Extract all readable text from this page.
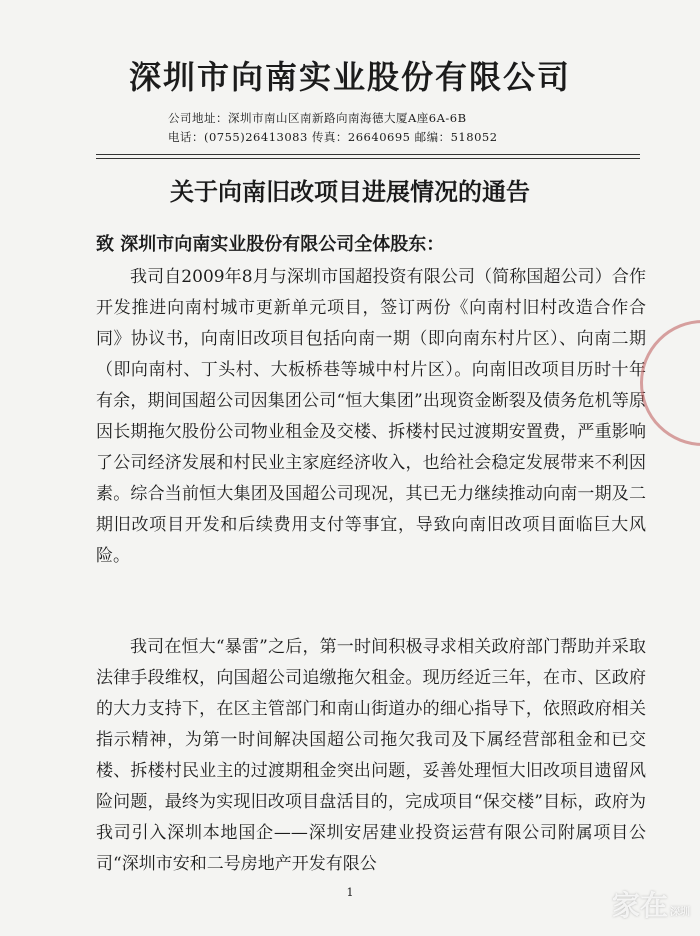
深圳市向南实业股份有限公司
公司地址：深圳市南山区南新路向南海德大厦A座6A-6B
电话：(0755)26413083 传真：26640695 邮编：518052
关于向南旧改项目进展情况的通告
致 深圳市向南实业股份有限公司全体股东：
我司自2009年8月与深圳市国超投资有限公司（简称国超公司）合作开发推进向南村城市更新单元项目，签订两份《向南村旧村改造合作合同》协议书，向南旧改项目包括向南一期（即向南东村片区）、向南二期（即向南村、丁头村、大板桥巷等城中村片区）。向南旧改项目历时十年有余，期间国超公司因集团公司“恒大集团”出现资金断裂及债务危机等原因长期拖欠股份公司物业租金及交楼、拆楼村民过渡期安置费，严重影响了公司经济发展和村民业主家庭经济收入，也给社会稳定发展带来不利因素。综合当前恒大集团及国超公司现况，其已无力继续推动向南一期及二期旧改项目开发和后续费用支付等事宜，导致向南旧改项目面临巨大风险。
我司在恒大“暴雷”之后，第一时间积极寻求相关政府部门帮助并采取法律手段维权，向国超公司追缴拖欠租金。现历经近三年，在市、区政府的大力支持下，在区主管部门和南山街道办的细心指导下，依照政府相关指示精神，为第一时间解决国超公司拖欠我司及下属经营部租金和已交楼、拆楼村民业主的过渡期租金突出问题，妥善处理恒大旧改项目遗留风险问题，最终为实现旧改项目盘活目的，完成项目“保交楼”目标，政府为我司引入深圳本地国企——深圳安居建业投资运营有限公司附属项目公司“深圳市安和二号房地产开发有限公
1	家在 深圳
